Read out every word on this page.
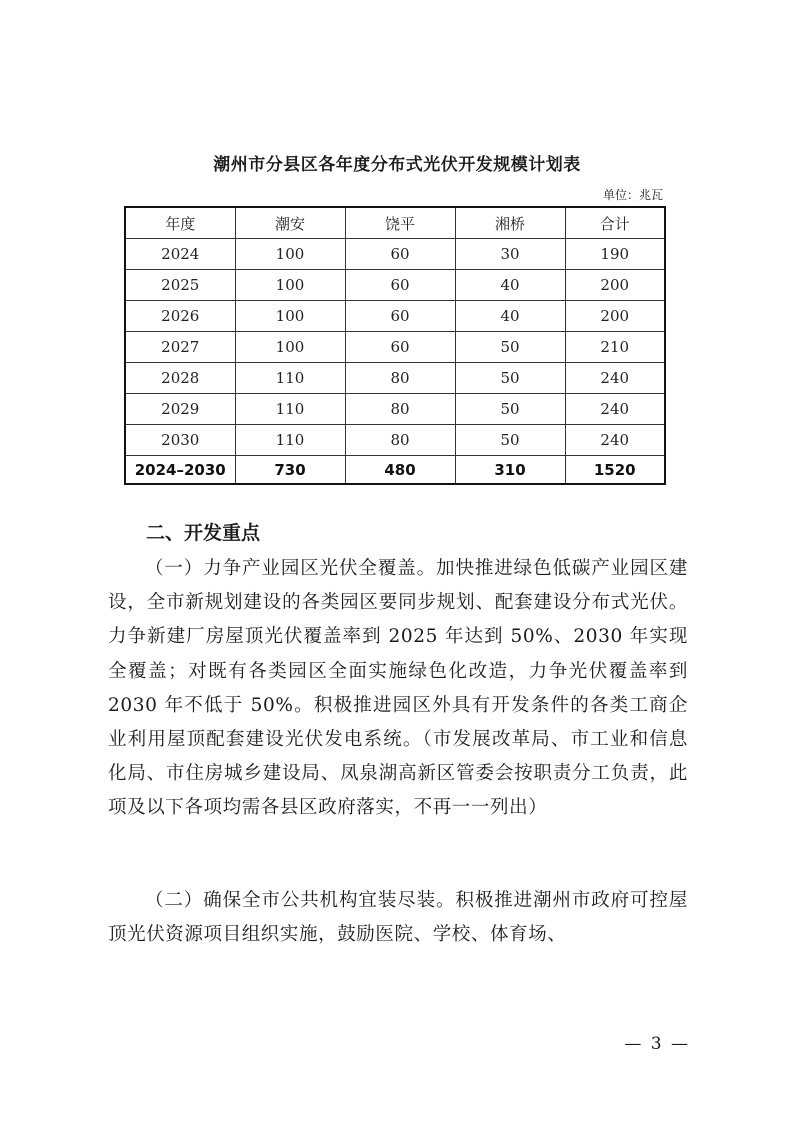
潮州市分县区各年度分布式光伏开发规模计划表
单位：兆瓦
年度	潮安	饶平	湘桥	合计
2024	100	60	30	190
2025	100	60	40	200
2026	100	60	40	200
2027	100	60	50	210
2028	110	80	50	240
2029	110	80	50	240
2030	110	80	50	240
2024–2030	730	480	310	1520
二、开发重点

（一）力争产业园区光伏全覆盖。加快推进绿色低碳产业园区建设，全市新规划建设的各类园区要同步规划、配套建设分布式光伏。力争新建厂房屋顶光伏覆盖率到 2025 年达到 50%、2030 年实现全覆盖；对既有各类园区全面实施绿色化改造，力争光伏覆盖率到 2030 年不低于 50%。积极推进园区外具有开发条件的各类工商企业利用屋顶配套建设光伏发电系统。（市发展改革局、市工业和信息化局、市住房城乡建设局、凤泉湖高新区管委会按职责分工负责，此项及以下各项均需各县区政府落实，不再一一列出）

（二）确保全市公共机构宜装尽装。积极推进潮州市政府可控屋顶光伏资源项目组织实施，鼓励医院、学校、体育场、

— 3 —
